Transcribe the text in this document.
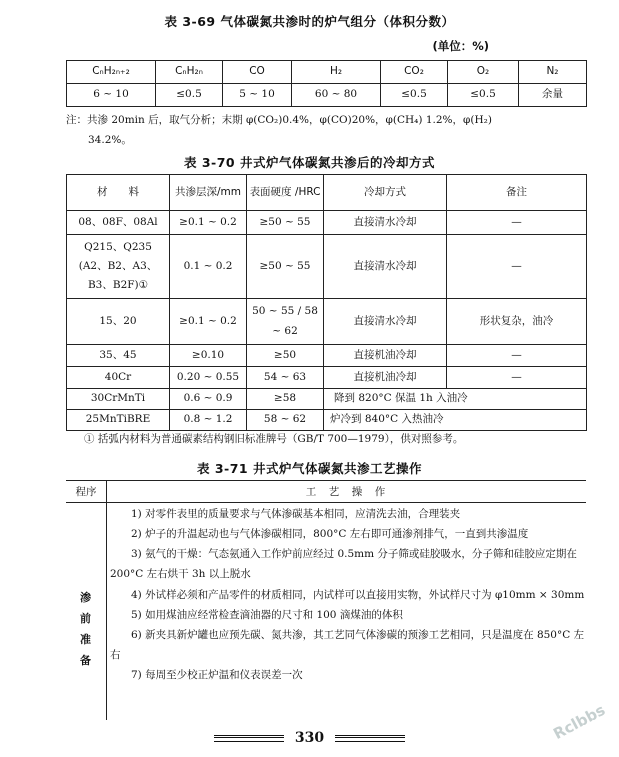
表 3-69 气体碳氮共渗时的炉气组分（体积分数）
(单位：%)
CₙH₂ₙ₊₂	CₙH₂ₙ	CO	H₂	CO₂	O₂	N₂
6 ~ 10	≤0.5	5 ~ 10	60 ~ 80	≤0.5	≤0.5	余量
注：共渗 20min 后，取气分析；末期 φ(CO₂)0.4%，φ(CO)20%，φ(CH₄) 1.2%，φ(H₂)
34.2%。
表 3-70 井式炉气体碳氮共渗后的冷却方式
材　　料	共渗层深/mm	表面硬度 /HRC	冷却方式	备注
08、08F、08Al	≥0.1 ~ 0.2	≥50 ~ 55	直接清水冷却	—
Q215、Q235 (A2、B2、A3、B3、B2F)①	0.1 ~ 0.2	≥50 ~ 55	直接清水冷却	—
15、20	≥0.1 ~ 0.2	50 ~ 55 / 58 ~ 62	直接清水冷却	形状复杂，油冷
35、45	≥0.10	≥50	直接机油冷却	—
40Cr	0.20 ~ 0.55	54 ~ 63	直接机油冷却	—
30CrMnTi	0.6 ~ 0.9	≥58	降到 820°C 保温 1h 入油冷	
25MnTiBRE	0.8 ~ 1.2	58 ~ 62	炉冷到 840°C 入热油冷	
① 括弧内材料为普通碳素结构钢旧标准牌号（GB/T 700—1979），供对照参考。
表 3-71 井式炉气体碳氮共渗工艺操作
程序	工　艺　操　作
渗前准备

1) 对零件表里的质量要求与气体渗碳基本相同，应清洗去油，合理装夹

2) 炉子的升温起动也与气体渗碳相同，800°C 左右即可通渗剂排气，一直到共渗温度

3) 氨气的干燥：气态氨通入工作炉前应经过 0.5mm 分子筛或硅胶吸水，分子筛和硅胶应定期在 200°C 左右烘干 3h 以上脱水

4) 外试样必须和产品零件的材质相同，内试样可以直接用实物，外试样尺寸为 φ10mm × 30mm

5) 如用煤油应经常检查滴油器的尺寸和 100 滴煤油的体积

6) 新夹具新炉罐也应预先碳、氮共渗，其工艺同气体渗碳的预渗工艺相同，只是温度在 850°C 左右

7) 每周至少校正炉温和仪表误差一次

330	Rclbbs
